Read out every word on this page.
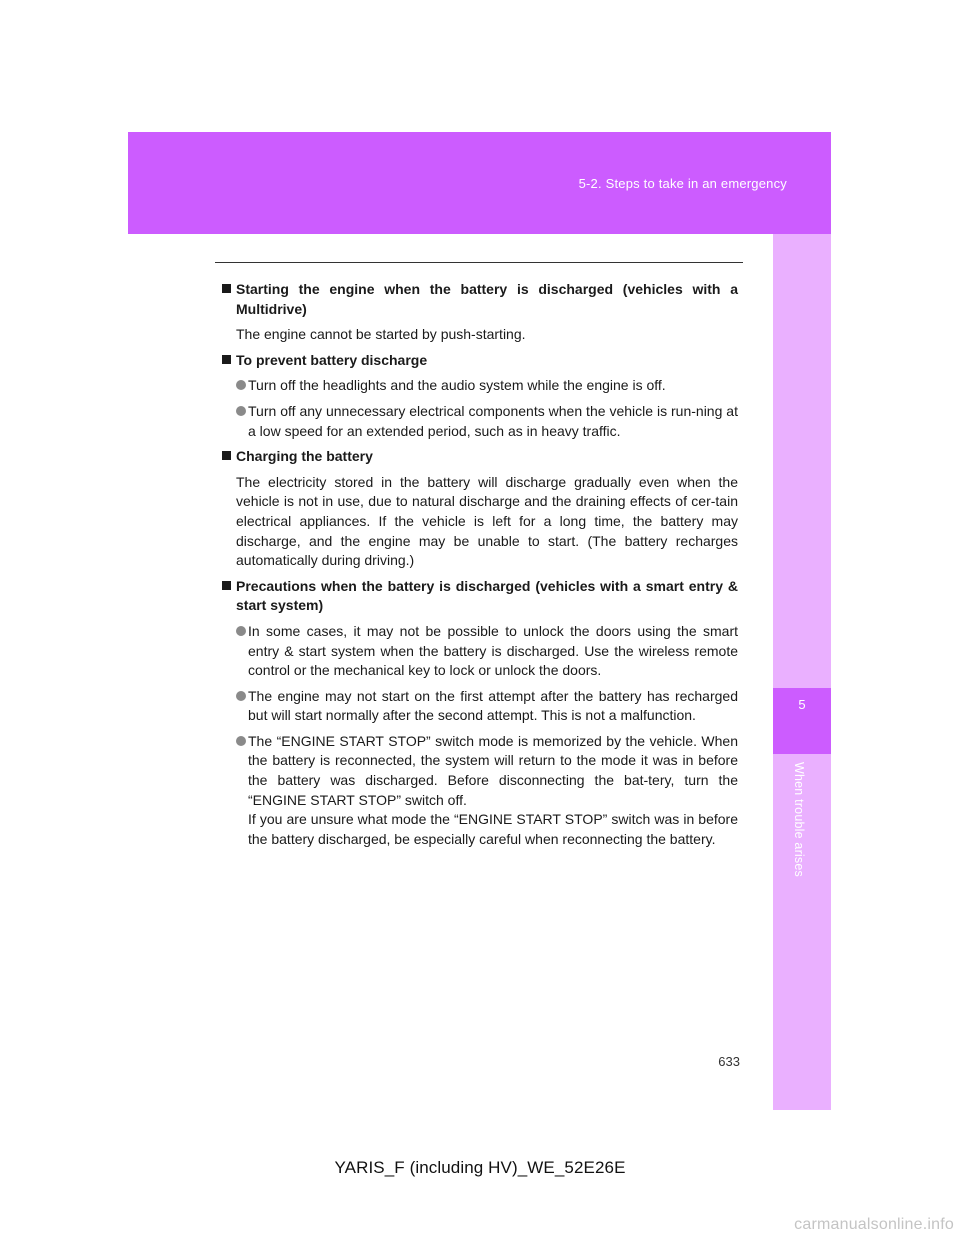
5-2. Steps to take in an emergency
5
When trouble arises
Starting the engine when the battery is discharged (vehicles with a Multidrive)
The engine cannot be started by push-starting.
To prevent battery discharge
Turn off the headlights and the audio system while the engine is off.
Turn off any unnecessary electrical components when the vehicle is run-ning at a low speed for an extended period, such as in heavy traffic.
Charging the battery
The electricity stored in the battery will discharge gradually even when the vehicle is not in use, due to natural discharge and the draining effects of cer-tain electrical appliances. If the vehicle is left for a long time, the battery may discharge, and the engine may be unable to start. (The battery recharges automatically during driving.)
Precautions when the battery is discharged (vehicles with a smart entry & start system)
In some cases, it may not be possible to unlock the doors using the smart entry & start system when the battery is discharged. Use the wireless remote control or the mechanical key to lock or unlock the doors.
The engine may not start on the first attempt after the battery has recharged but will start normally after the second attempt. This is not a malfunction.
The “ENGINE START STOP” switch mode is memorized by the vehicle. When the battery is reconnected, the system will return to the mode it was in before the battery was discharged. Before disconnecting the bat-tery, turn the “ENGINE START STOP” switch off.
If you are unsure what mode the “ENGINE START STOP” switch was in before the battery discharged, be especially careful when reconnecting the battery.
633
YARIS_F (including HV)_WE_52E26E
carmanualsonline.info
